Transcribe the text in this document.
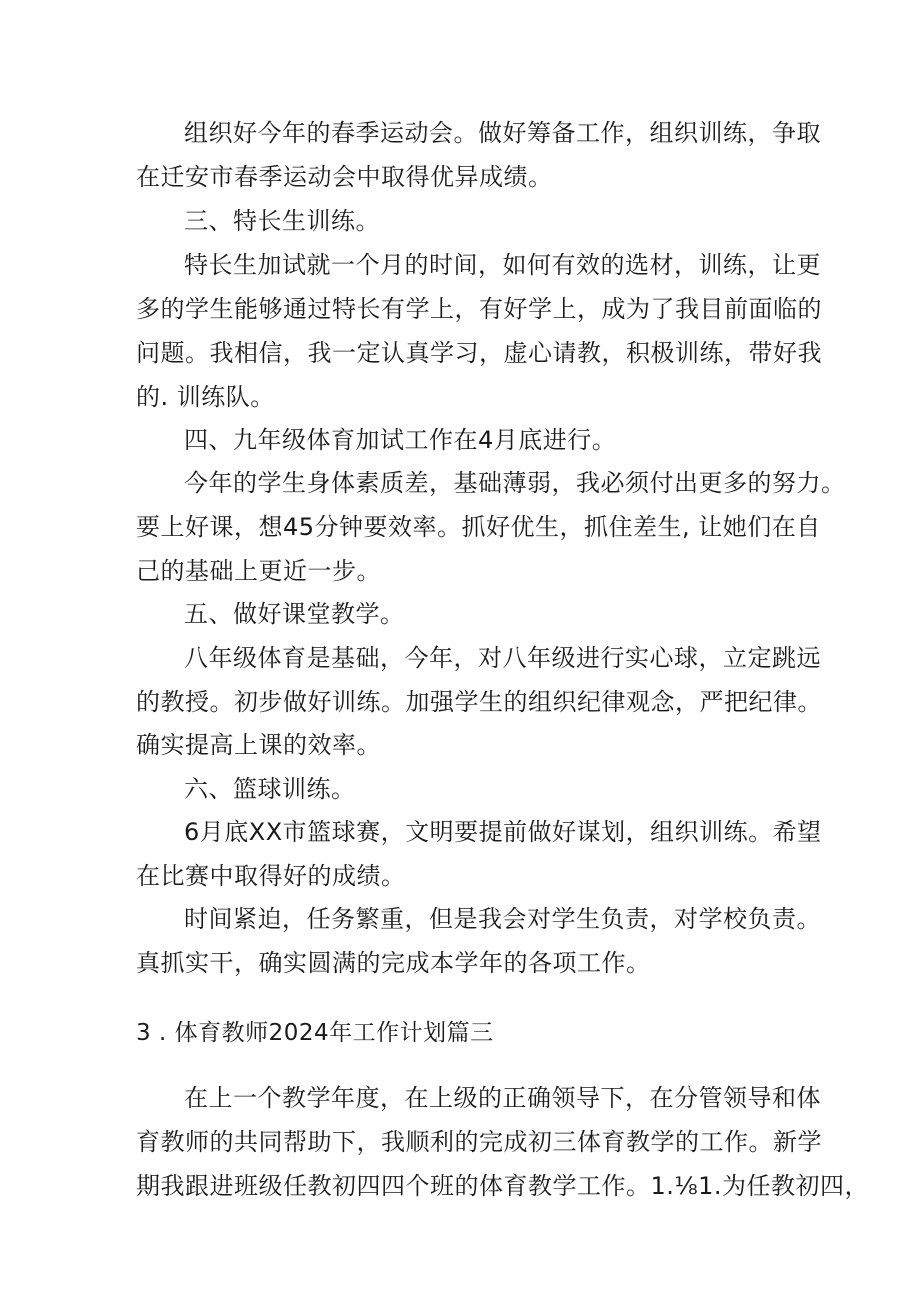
组织好今年的春季运动会。做好筹备工作，组织训练，争取
在迁安市春季运动会中取得优异成绩。
三、特长生训练。
特长生加试就一个月的时间，如何有效的选材，训练，让更
多的学生能够通过特长有学上，有好学上，成为了我目前面临的
问题。我相信，我一定认真学习，虚心请教，积极训练，带好我
的. 训练队。
四、九年级体育加试工作在4月底进行。
今年的学生身体素质差，基础薄弱，我必须付出更多的努力。
要上好课，想45分钟要效率。抓好优生，抓住差生, 让她们在自
己的基础上更近一步。
五、做好课堂教学。
八年级体育是基础，今年，对八年级进行实心球，立定跳远
的教授。初步做好训练。加强学生的组织纪律观念，严把纪律。
确实提高上课的效率。
六、篮球训练。
6月底XX市篮球赛，文明要提前做好谋划，组织训练。希望
在比赛中取得好的成绩。
时间紧迫，任务繁重，但是我会对学生负责，对学校负责。
真抓实干，确实圆满的完成本学年的各项工作。
3 . 体育教师2024年工作计划篇三
在上一个教学年度，在上级的正确领导下，在分管领导和体
育教师的共同帮助下，我顺利的完成初三体育教学的工作。新学
期我跟进班级任教初四四个班的体育教学工作。1.⅛1.为任教初四，
